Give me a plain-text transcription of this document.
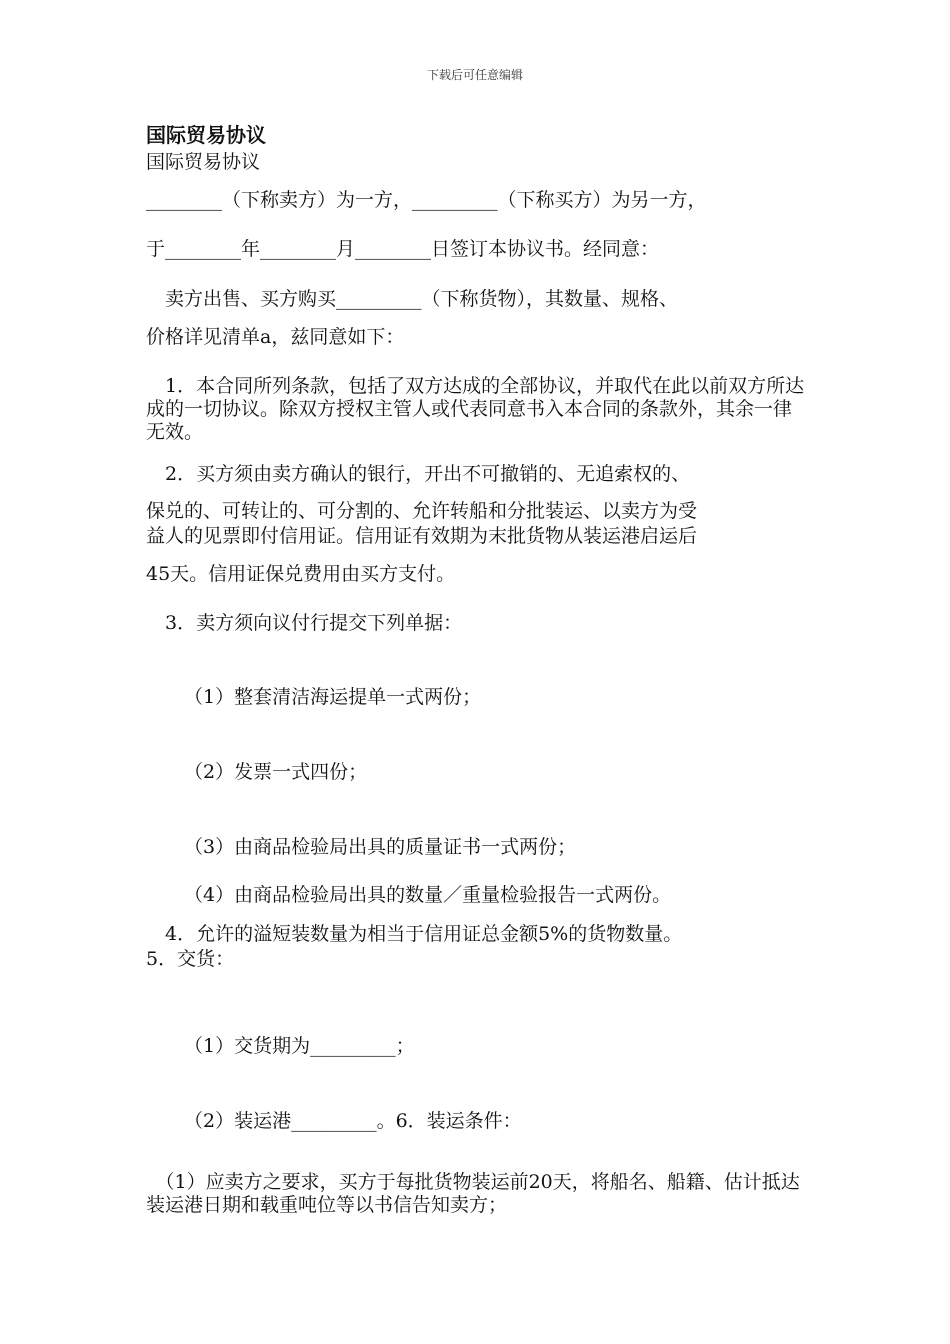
下载后可任意编辑
国际贸易协议
国际贸易协议
________（下称卖方）为一方，_________（下称买方）为另一方，
于________年________月________日签订本协议书。经同意：
　卖方出售、买方购买_________（下称货物），其数量、规格、
价格详见清单a，兹同意如下：
　1．本合同所列条款，包括了双方达成的全部协议，并取代在此以前双方所达成的一切协议。除双方授权主管人或代表同意书入本合同的条款外，其余一律无效。
　2．买方须由卖方确认的银行，开出不可撤销的、无追索权的、
保兑的、可转让的、可分割的、允许转船和分批装运、以卖方为受
益人的见票即付信用证。信用证有效期为末批货物从装运港启运后
45天。信用证保兑费用由买方支付。
　3．卖方须向议付行提交下列单据：
（1）整套清洁海运提单一式两份；
（2）发票一式四份；
（3）由商品检验局出具的质量证书一式两份；
（4）由商品检验局出具的数量／重量检验报告一式两份。
　4．允许的溢短装数量为相当于信用证总金额5%的货物数量。
5．交货：
（1）交货期为_________；
（2）装运港_________。6．装运条件：
　（1）应卖方之要求，买方于每批货物装运前20天，将船名、船籍、估计抵达装运港日期和载重吨位等以书信告知卖方；
